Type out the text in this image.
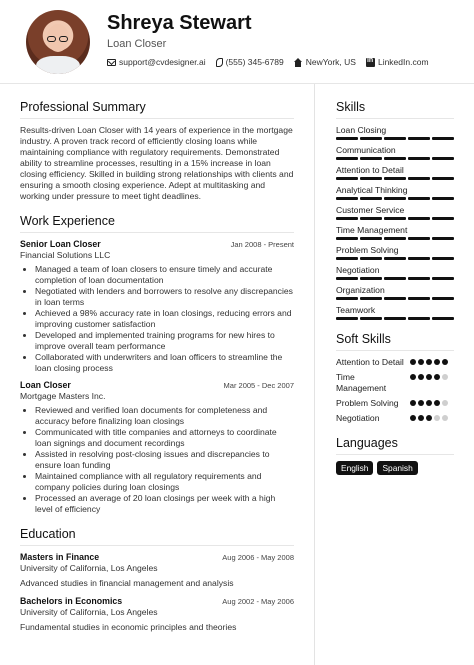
Shreya Stewart
Loan Closer
support@cvdesigner.ai (555) 345-6789	NewYork, US
in	LinkedIn.com
Professional Summary
Results-driven Loan Closer with 14 years of experience in the mortgage industry. A proven track record of efficiently closing loans while maintaining compliance with regulatory requirements. Demonstrated ability to streamline processes, resulting in a 15% increase in loan closing efficiency. Skilled in building strong relationships with clients and ensuring a smooth closing experience. Adept at multitasking and working under pressure to meet tight deadlines.
Work Experience
Senior Loan Closer	Jan 2008 - Present
Financial Solutions LLC
• Managed a team of loan closers to ensure timely and accurate completion of loan documentation
• Negotiated with lenders and borrowers to resolve any discrepancies in loan terms
• Achieved a 98% accuracy rate in loan closings, reducing errors and improving customer satisfaction
• Developed and implemented training programs for new hires to improve overall team performance
• Collaborated with underwriters and loan officers to streamline the loan closing process
Loan Closer	Mar 2005 - Dec 2007
Mortgage Masters Inc.
• Reviewed and verified loan documents for completeness and accuracy before finalizing loan closings
• Communicated with title companies and attorneys to coordinate loan signings and document recordings
• Assisted in resolving post-closing issues and discrepancies to ensure loan funding
• Maintained compliance with all regulatory requirements and company policies during loan closings
• Processed an average of 20 loan closings per week with a high level of efficiency
Education
Masters in Finance	Aug 2006 - May 2008
University of California, Los Angeles
Advanced studies in financial management and analysis
Bachelors in Economics	Aug 2002 - May 2006
University of California, Los Angeles
Fundamental studies in economic principles and theories
Skills
Loan Closing
Communication
Attention to Detail
Analytical Thinking
Customer Service
Time Management
Problem Solving
Negotiation
Organization
Teamwork
Soft Skills
Attention to Detail
Time Management
Problem Solving
Negotiation
Languages
English	Spanish
